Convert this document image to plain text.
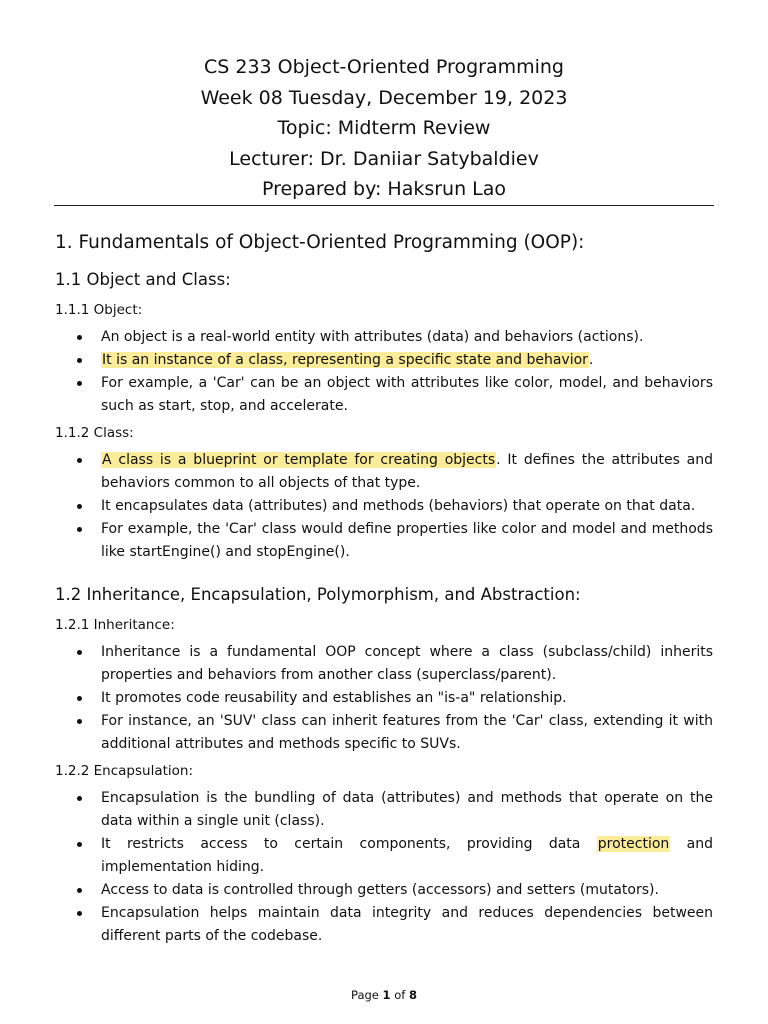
CS 233 Object-Oriented Programming
Week 08 Tuesday, December 19, 2023
Topic: Midterm Review
Lecturer: Dr. Daniiar Satybaldiev
Prepared by: Haksrun Lao
1. Fundamentals of Object-Oriented Programming (OOP):
1.1 Object and Class:
1.1.1 Object:
An object is a real-world entity with attributes (data) and behaviors (actions).
It is an instance of a class, representing a specific state and behavior.
For example, a 'Car' can be an object with attributes like color, model, and behaviors such as start, stop, and accelerate.
1.1.2 Class:
A class is a blueprint or template for creating objects. It defines the attributes and behaviors common to all objects of that type.
It encapsulates data (attributes) and methods (behaviors) that operate on that data.
For example, the 'Car' class would define properties like color and model and methods like startEngine() and stopEngine().
1.2 Inheritance, Encapsulation, Polymorphism, and Abstraction:
1.2.1 Inheritance:
Inheritance is a fundamental OOP concept where a class (subclass/child) inherits properties and behaviors from another class (superclass/parent).
It promotes code reusability and establishes an "is-a" relationship.
For instance, an 'SUV' class can inherit features from the 'Car' class, extending it with additional attributes and methods specific to SUVs.
1.2.2 Encapsulation:
Encapsulation is the bundling of data (attributes) and methods that operate on the data within a single unit (class).
It restricts access to certain components, providing data protection and implementation hiding.
Access to data is controlled through getters (accessors) and setters (mutators).
Encapsulation helps maintain data integrity and reduces dependencies between different parts of the codebase.
Page 1 of 8
